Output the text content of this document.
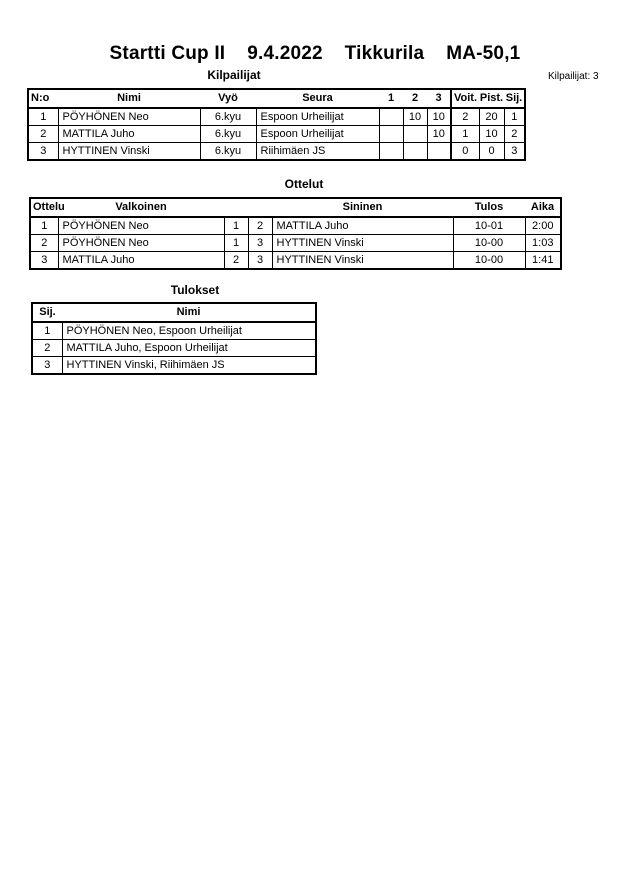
Startti Cup II    9.4.2022    Tikkurila    MA-50,1
Kilpailijat	Kilpailijat: 3
N:o	Nimi	Vyö	Seura	1	2	3	Voit.	Pist.	Sij.
1	PÖYHÖNEN Neo	6.kyu	Espoon Urheilijat		10	10	2	20	1
2	MATTILA Juho	6.kyu	Espoon Urheilijat			10	1	10	2
3	HYTTINEN Vinski	6.kyu	Riihimäen JS				0	0	3
Ottelut
Ottelu	Valkoinen			Sininen	Tulos	Aika
1	PÖYHÖNEN Neo	1	2	MATTILA Juho	10-01	2:00
2	PÖYHÖNEN Neo	1	3	HYTTINEN Vinski	10-00	1:03
3	MATTILA Juho	2	3	HYTTINEN Vinski	10-00	1:41
Tulokset
Sij.	Nimi
1	PÖYHÖNEN Neo, Espoon Urheilijat
2	MATTILA Juho, Espoon Urheilijat
3	HYTTINEN Vinski, Riihimäen JS
